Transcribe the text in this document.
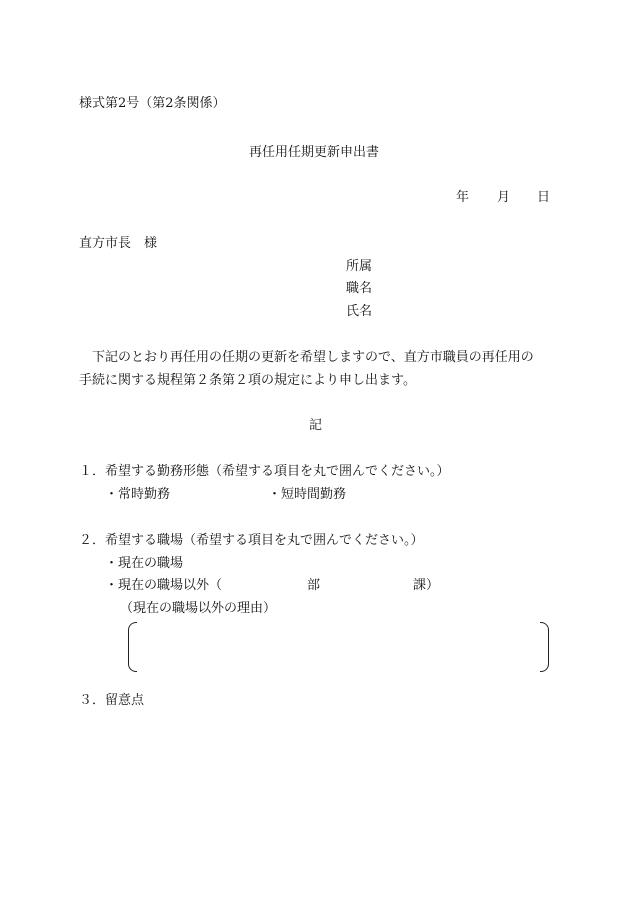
様式第2号（第2条関係）
再任用任期更新申出書
年 月 日
直方市長　様
所属
職名
氏名
下記のとおり再任用の任期の更新を希望しますので、直方市職員の再任用の
手続に関する規程第２条第２項の規定により申し出ます。
記
１．希望する勤務形態（希望する項目を丸で囲んでください。）
・常時勤務	・短時間勤務
２．希望する職場（希望する項目を丸で囲んでください。）
・現在の職場
・現在の職場以外（	部	課）
（現在の職場以外の理由）
３．留意点
